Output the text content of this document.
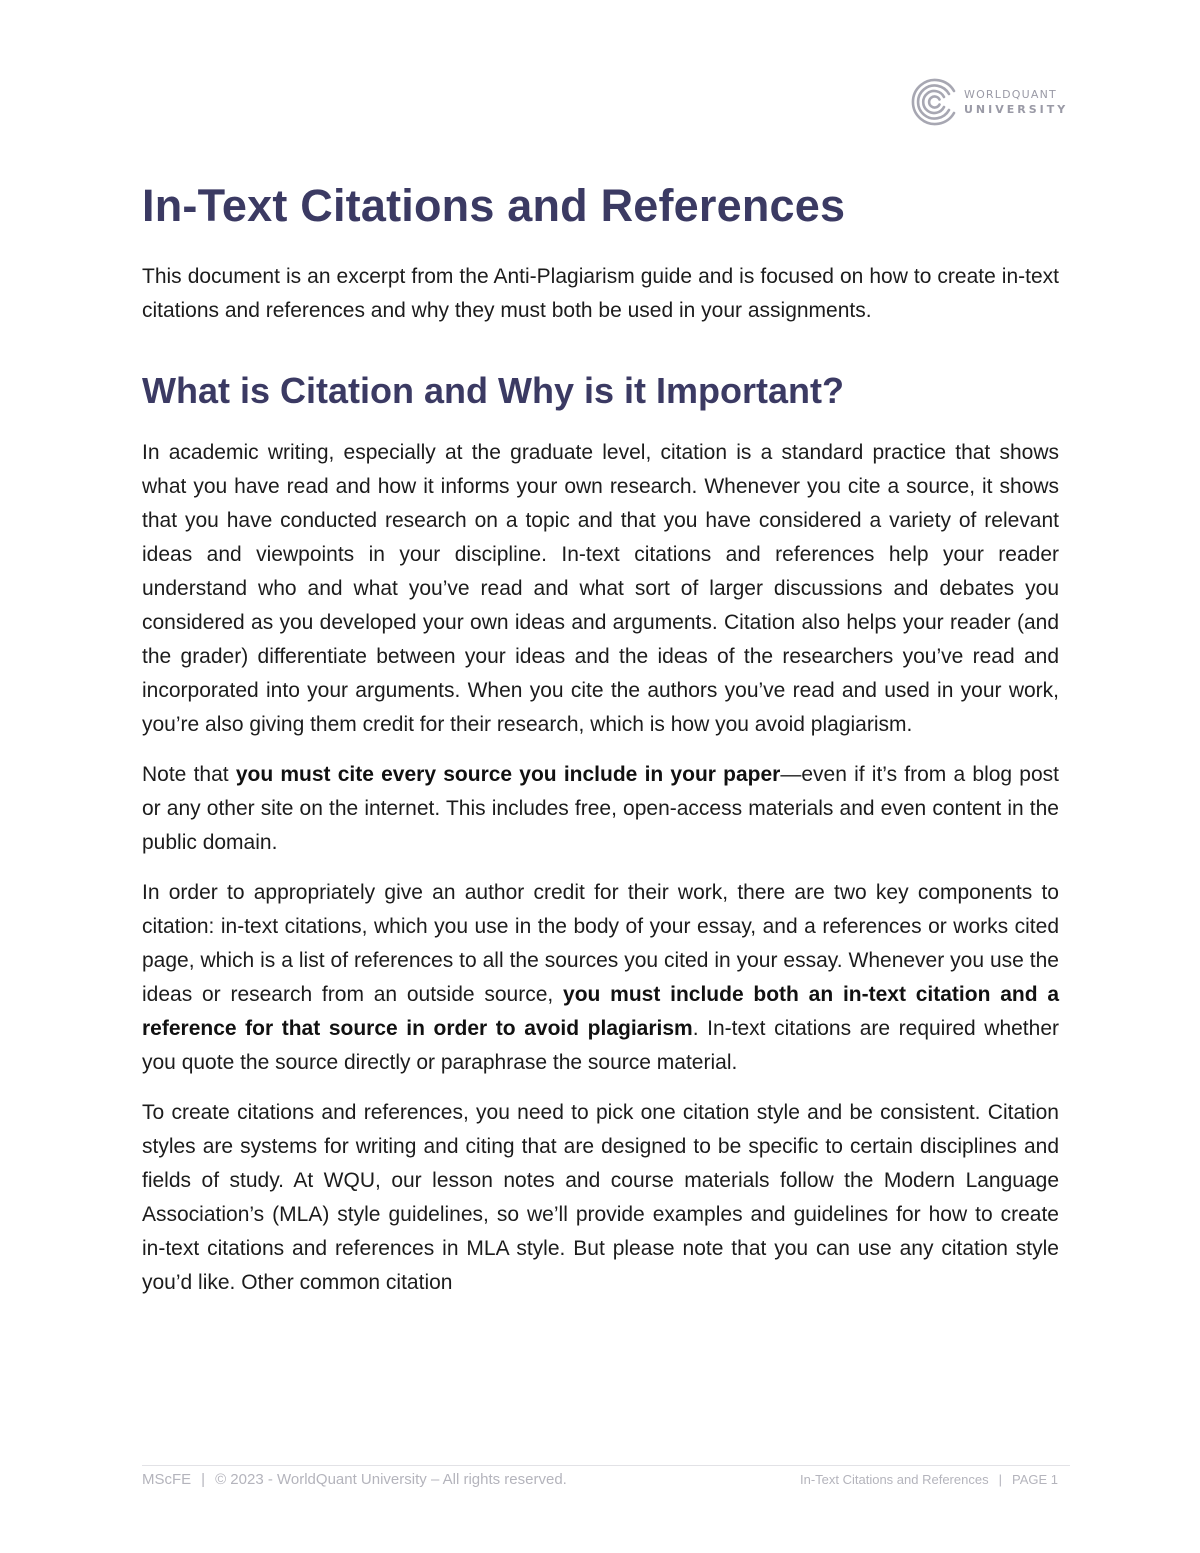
WORLDQUANT
UNIVERSITY
In-Text Citations and References

This document is an excerpt from the Anti-Plagiarism guide and is focused on how to create in-text citations and references and why they must both be used in your assignments.

What is Citation and Why is it Important?

In academic writing, especially at the graduate level, citation is a standard practice that shows what you have read and how it informs your own research. Whenever you cite a source, it shows that you have conducted research on a topic and that you have considered a variety of relevant ideas and viewpoints in your discipline. In-text citations and references help your reader understand who and what you’ve read and what sort of larger discussions and debates you considered as you developed your own ideas and arguments. Citation also helps your reader (and the grader) differentiate between your ideas and the ideas of the researchers you’ve read and incorporated into your arguments. When you cite the authors you’ve read and used in your work, you’re also giving them credit for their research, which is how you avoid plagiarism.

Note that you must cite every source you include in your paper—even if it’s from a blog post or any other site on the internet. This includes free, open-access materials and even content in the public domain.

In order to appropriately give an author credit for their work, there are two key components to citation: in-text citations, which you use in the body of your essay, and a references or works cited page, which is a list of references to all the sources you cited in your essay. Whenever you use the ideas or research from an outside source, you must include both an in-text citation and a reference for that source in order to avoid plagiarism. In-text citations are required whether you quote the source directly or paraphrase the source material.

To create citations and references, you need to pick one citation style and be consistent. Citation styles are systems for writing and citing that are designed to be specific to certain disciplines and fields of study. At WQU, our lesson notes and course materials follow the Modern Language Association’s (MLA) style guidelines, so we’ll provide examples and guidelines for how to create in-text citations and references in MLA style. But please note that you can use any citation style you’d like. Other common citation

MScFE | © 2023 - WorldQuant University – All rights reserved.	In-Text Citations and References | PAGE 1
